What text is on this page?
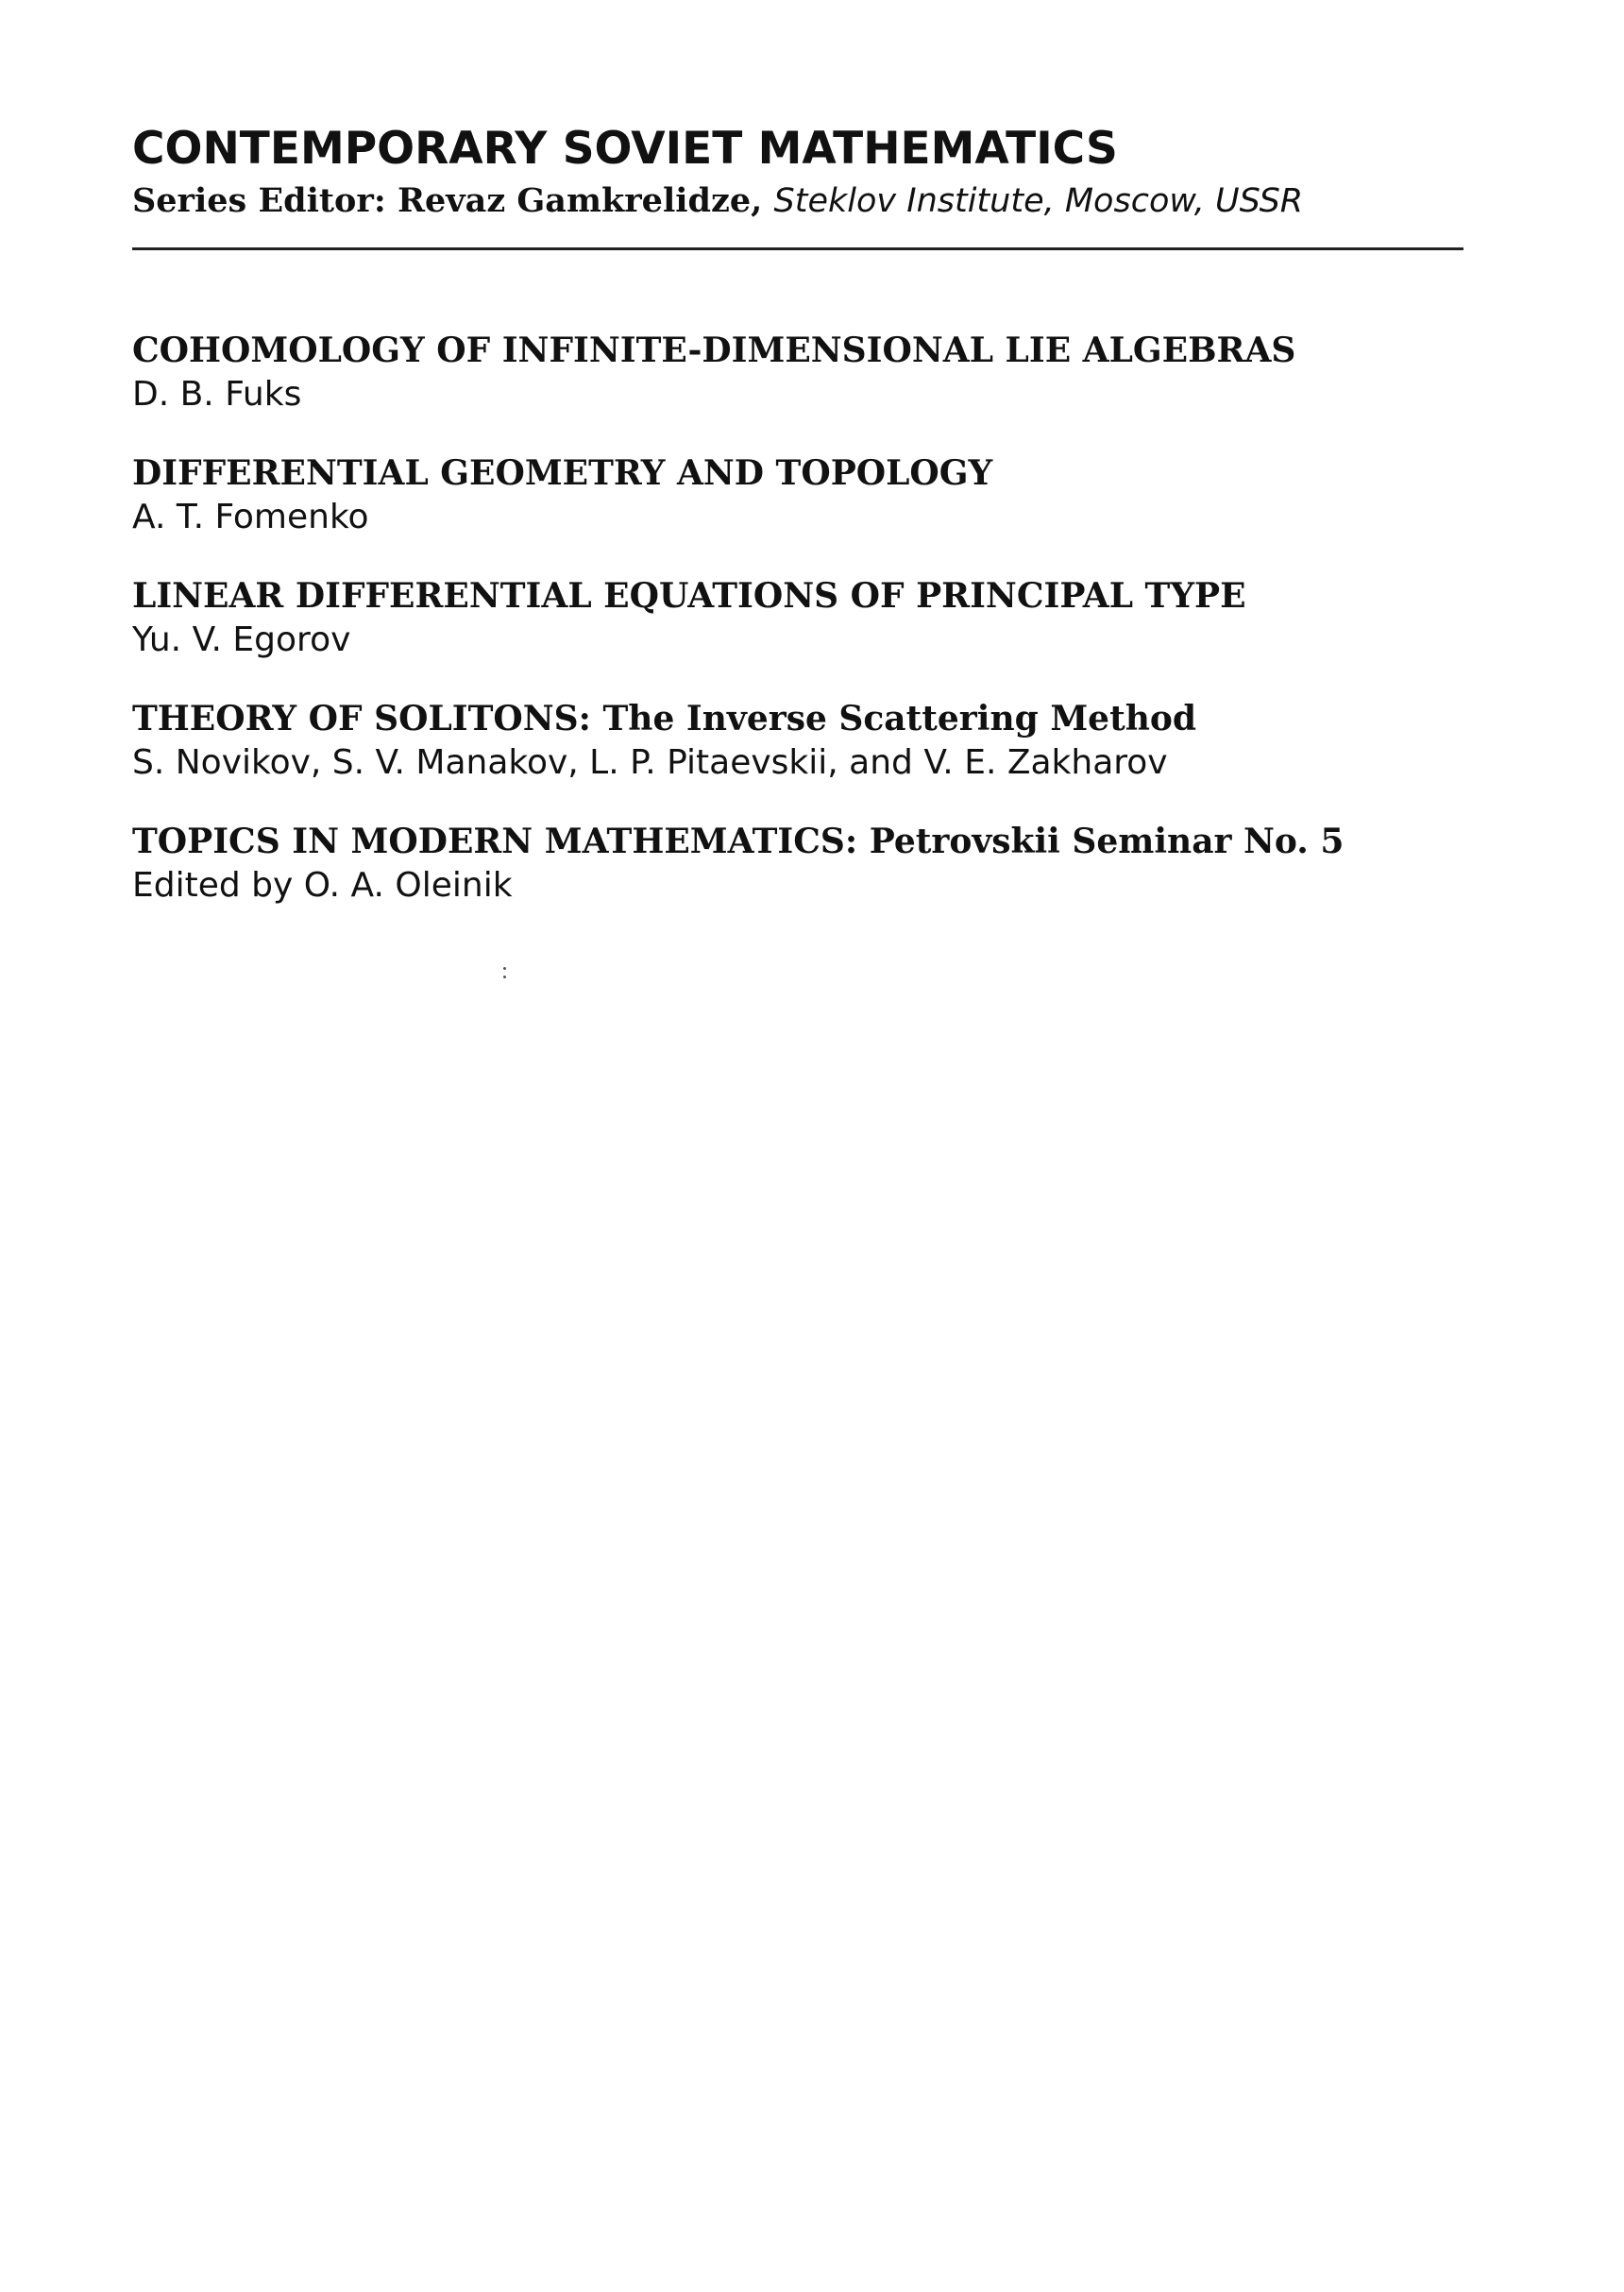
CONTEMPORARY SOVIET MATHEMATICS
Series Editor: Revaz Gamkrelidze, Steklov Institute, Moscow, USSR
COHOMOLOGY OF INFINITE-DIMENSIONAL LIE ALGEBRAS
D. B. Fuks
DIFFERENTIAL GEOMETRY AND TOPOLOGY
A. T. Fomenko
LINEAR DIFFERENTIAL EQUATIONS OF PRINCIPAL TYPE
Yu. V. Egorov
THEORY OF SOLITONS: The Inverse Scattering Method
S. Novikov, S. V. Manakov, L. P. Pitaevskii, and V. E. Zakharov
TOPICS IN MODERN MATHEMATICS: Petrovskii Seminar No. 5
Edited by O. A. Oleinik
